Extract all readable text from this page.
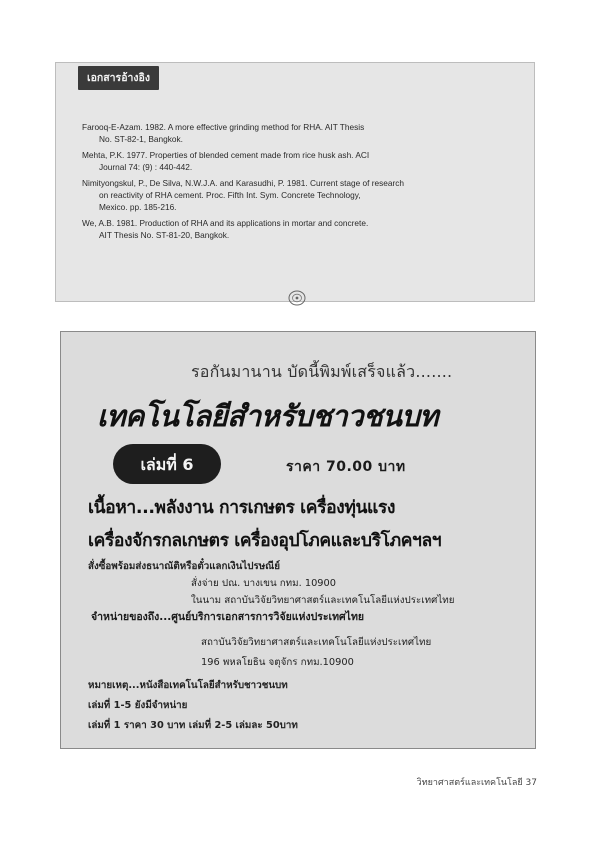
เอกสารอ้างอิง
Farooq-E-Azam. 1982. A more effective grinding method for RHA. AIT Thesis
No. ST-82-1, Bangkok.
Mehta, P.K. 1977. Properties of blended cement made from rice husk ash. ACI
Journal 74: (9) : 440-442.
Nimityongskul, P., De Silva, N.W.J.A. and Karasudhi, P. 1981. Current stage of research
on reactivity of RHA cement. Proc. Fifth Int. Sym. Concrete Technology,
Mexico. pp. 185-216.
We, A.B. 1981. Production of RHA and its applications in mortar and concrete.
AIT Thesis No. ST-81-20, Bangkok.
รอกันมานาน บัดนี้พิมพ์เสร็จแล้ว.......
เทคโนโลยีสำหรับชาวชนบท
เล่มที่ 6	ราคา 70.00 บาท
เนื้อหา...พลังงาน การเกษตร เครื่องทุ่นแรง
เครื่องจักรกลเกษตร เครื่องอุปโภคและบริโภคฯลฯ
สั่งซื้อพร้อมส่งธนาณัติหรือตั๋วแลกเงินไปรษณีย์
สั่งจ่าย ปณ. บางเขน กทม. 10900
ในนาม สถาบันวิจัยวิทยาศาสตร์และเทคโนโลยีแห่งประเทศไทย
จำหน่ายของถึง...ศูนย์บริการเอกสารการวิจัยแห่งประเทศไทย
สถาบันวิจัยวิทยาศาสตร์และเทคโนโลยีแห่งประเทศไทย
196 พหลโยธิน จตุจักร กทม.10900
หมายเหตุ...หนังสือเทคโนโลยีสำหรับชาวชนบท
เล่มที่ 1-5 ยังมีจำหน่าย
เล่มที่ 1 ราคา 30 บาท เล่มที่ 2-5 เล่มละ 50บาท
วิทยาศาสตร์และเทคโนโลยี 37
